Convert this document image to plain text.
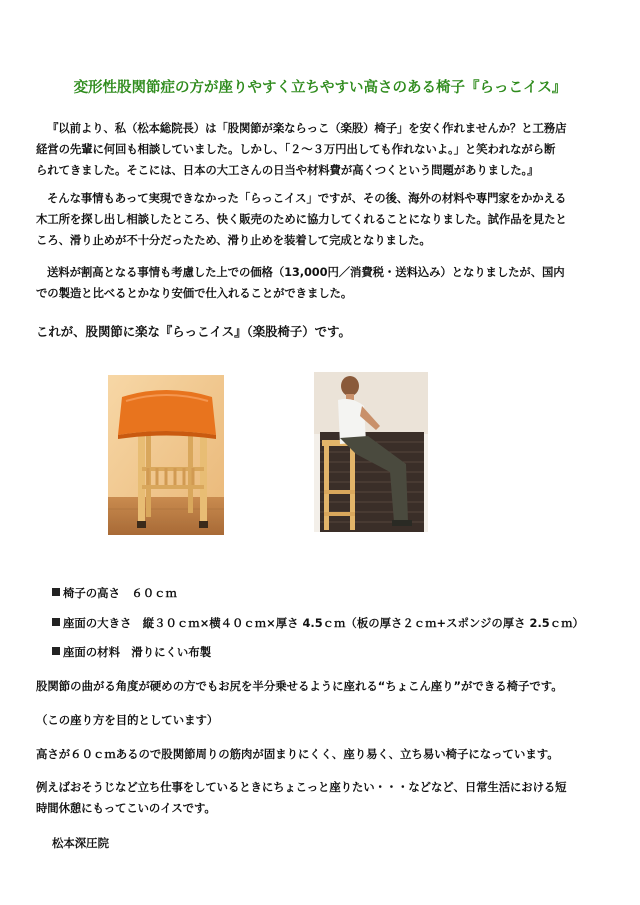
変形性股関節症の方が座りやすく立ちやすい高さのある椅子『らっこイス』

『以前より、私（松本総院長）は「股関節が楽ならっこ（楽股）椅子」を安く作れませんか？と工務店
経営の先輩に何回も相談していました。しかし、「２～３万円出しても作れないよ。」と笑われながら断
られてきました。そこには、日本の大工さんの日当や材料費が高くつくという問題がありました。』

そんな事情もあって実現できなかった「らっこイス」ですが、その後、海外の材料や専門家をかかえる
木工所を探し出し相談したところ、快く販売のために協力してくれることになりました。試作品を見たと
ころ、滑り止めが不十分だったため、滑り止めを装着して完成となりました。

送料が割高となる事情も考慮した上での価格（13,000円／消費税・送料込み）となりましたが、国内
での製造と比べるとかなり安価で仕入れることができました。

これが、股関節に楽な『らっこイス』（楽股椅子）です。

椅子の高さ　６０ｃｍ

座面の大きさ　縦３０ｃｍ×横４０ｃｍ×厚さ 4.5ｃｍ（板の厚さ２ｃｍ+スポンジの厚さ 2.5ｃｍ）

座面の材料　滑りにくい布製

股関節の曲がる角度が硬めの方でもお尻を半分乗せるように座れる“ちょこん座り”ができる椅子です。

（この座り方を目的としています）

高さが６０ｃｍあるので股関節周りの筋肉が固まりにくく、座り易く、立ち易い椅子になっています。

例えばおそうじなど立ち仕事をしているときにちょこっと座りたい・・・などなど、日常生活における短
時間休憩にもってこいのイスです。

松本深圧院
